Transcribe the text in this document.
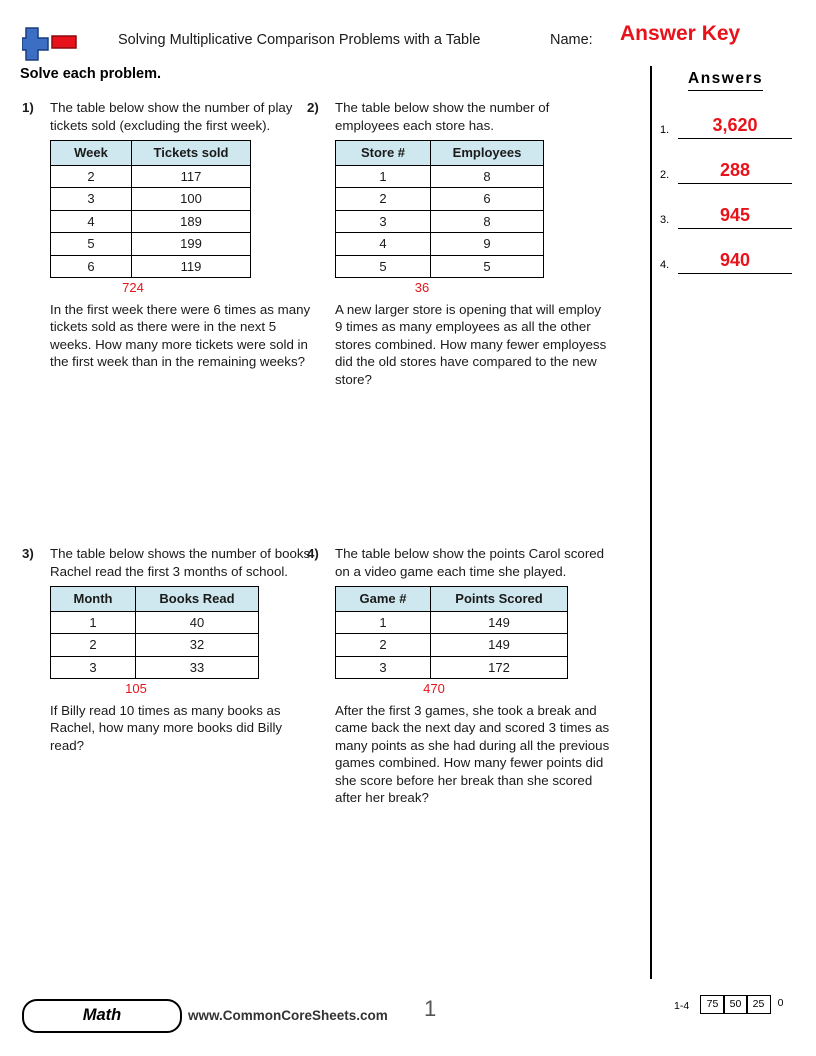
Solving Multiplicative Comparison Problems with a Table	Name: Answer Key
Solve each problem.	Answers
1.	3,620
2.	288
3.	945
4.	940
1) The table below show the number of play tickets sold (excluding the first week).
Week	Tickets sold
2	117
3	100
4	189
5	199
6	119
724
In the first week there were 6 times as many tickets sold as there were in the next 5 weeks. How many more tickets were sold in the first week than in the remaining weeks?
2) The table below show the number of employees each store has.
Store #	Employees
1	8
2	6
3	8
4	9
5	5
36
A new larger store is opening that will employ 9 times as many employees as all the other stores combined. How many fewer employess did the old stores have compared to the new store?
3) The table below shows the number of books Rachel read the first 3 months of school.
Month	Books Read
1	40
2	32
3	33
105
If Billy read 10 times as many books as Rachel, how many more books did Billy read?
4) The table below show the points Carol scored on a video game each time she played.
Game #	Points Scored
1	149
2	149
3	172
470
After the first 3 games, she took a break and came back the next day and scored 3 times as many points as she had during all the previous games combined. How many fewer points did she score before her break than she scored after her break?
Math	www.CommonCoreSheets.com 1	1-4	75	50	25	0
